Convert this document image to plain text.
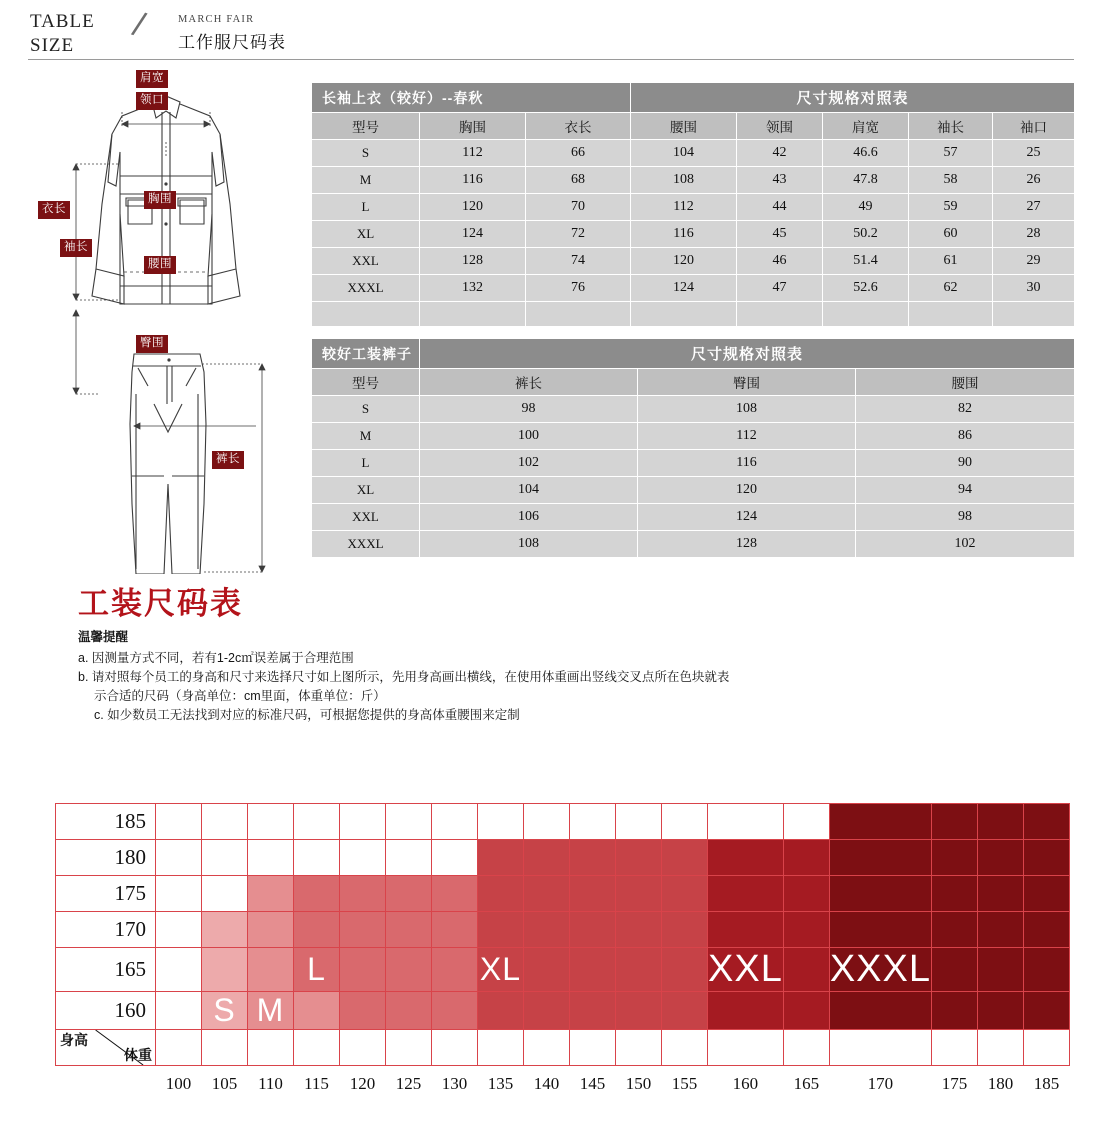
TABLE
SIZE
/	MARCH FAIR
工作服尺码表
肩宽
领口
胸围
衣长
袖长
腰围
臀围
裤长
长袖上衣（较好）--春秋			尺寸规格对照表				
型号	胸围	衣长	腰围	领围	肩宽	袖长	袖口
S	112	66	104	42	46.6	57	25
M	116	68	108	43	47.8	58	26
L	120	70	112	44	49	59	27
XL	124	72	116	45	50.2	60	28
XXL	128	74	120	46	51.4	61	29
XXXL	132	76	124	47	52.6	62	30

较好工装裤子	尺寸规格对照表		
型号	裤长	臀围	腰围
S	98	108	82
M	100	112	86
L	102	116	90
XL	104	120	94
XXL	106	124	98
XXXL	108	128	102
工装尺码表
温馨提醒
a. 因测量方式不同，若有1-2c㎡误差属于合理范围
b. 请对照每个员工的身高和尺寸来选择尺寸如上图所示，先用身高画出横线，在使用体重画出竖线交叉点所在色块就表
示合适的尺码（身高单位：cm里面，体重单位：斤）
c. 如少数员工无法找到对应的标准尺码，可根据您提供的身高体重腰围来定制
185																		
180																		
175																		
170																		
165				L				XL					XXL		XXXL			
160		S	M															

身高
体重																		

	100	105	110	115	120	125	130	135	140	145	150	155	160	165	170	175	180	185
